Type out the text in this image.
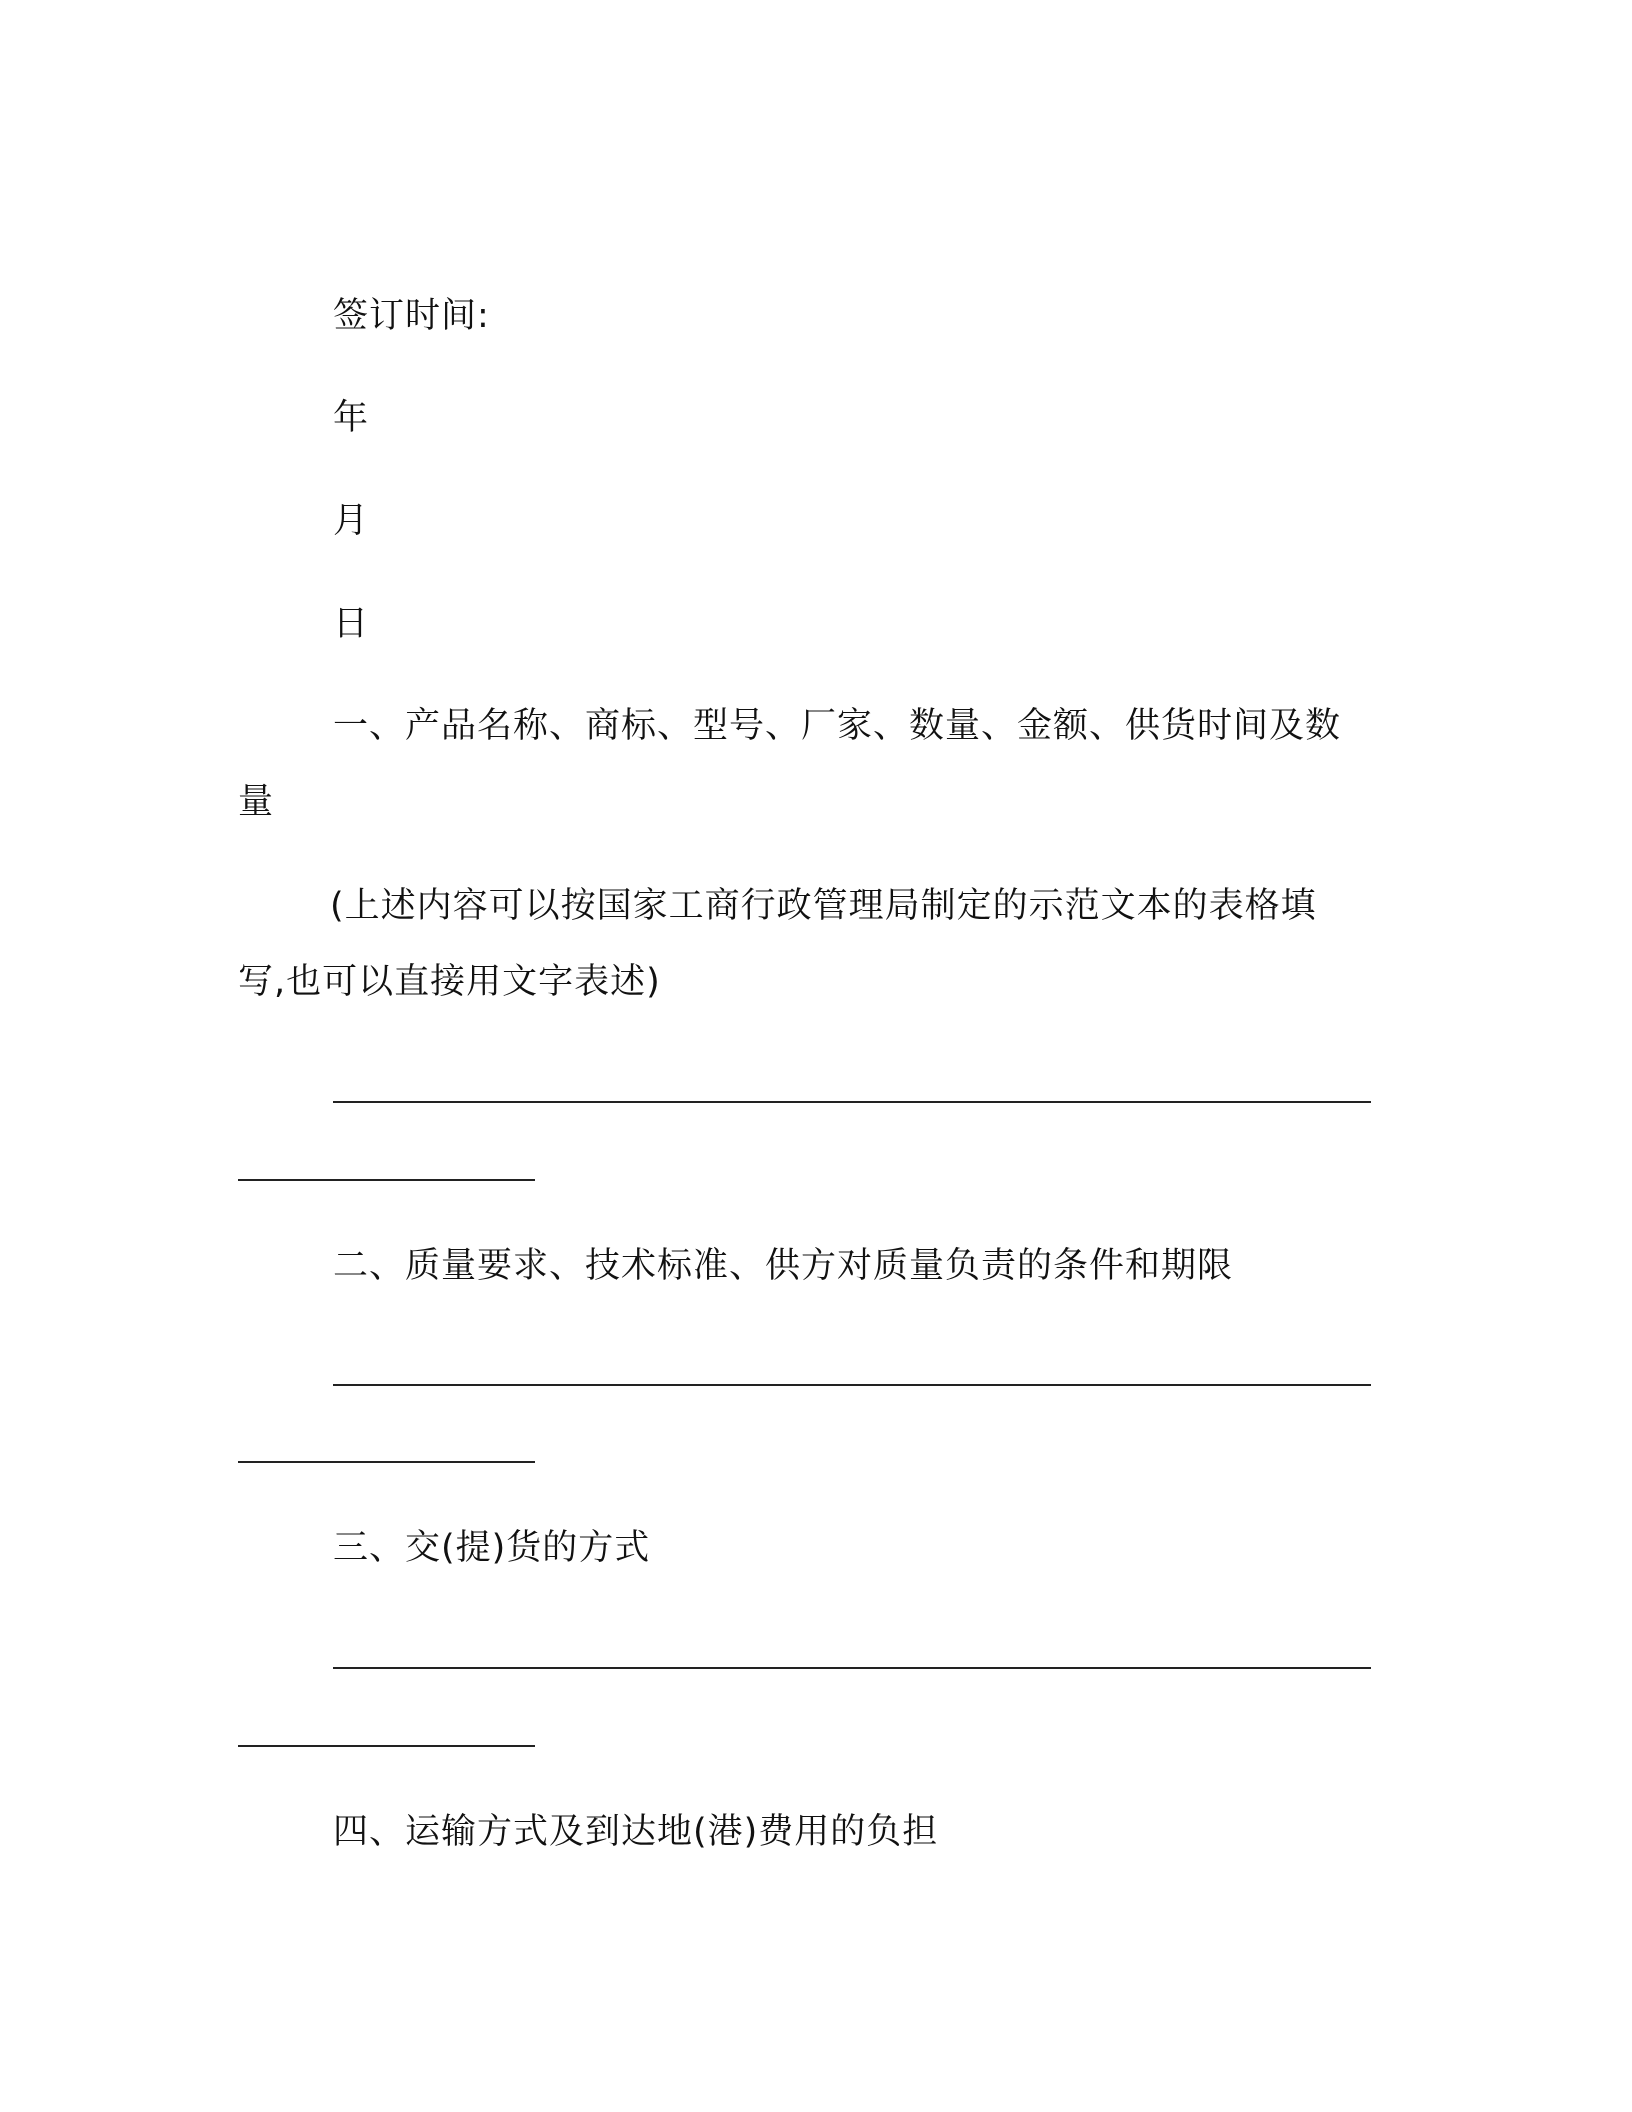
签订时间:
年
月
日
一、产品名称、商标、型号、厂家、数量、金额、供货时间及数
量
(上述内容可以按国家工商行政管理局制定的示范文本的表格填
写,也可以直接用文字表述)
二、质量要求、技术标准、供方对质量负责的条件和期限
三、交(提)货的方式
四、运输方式及到达地(港)费用的负担
